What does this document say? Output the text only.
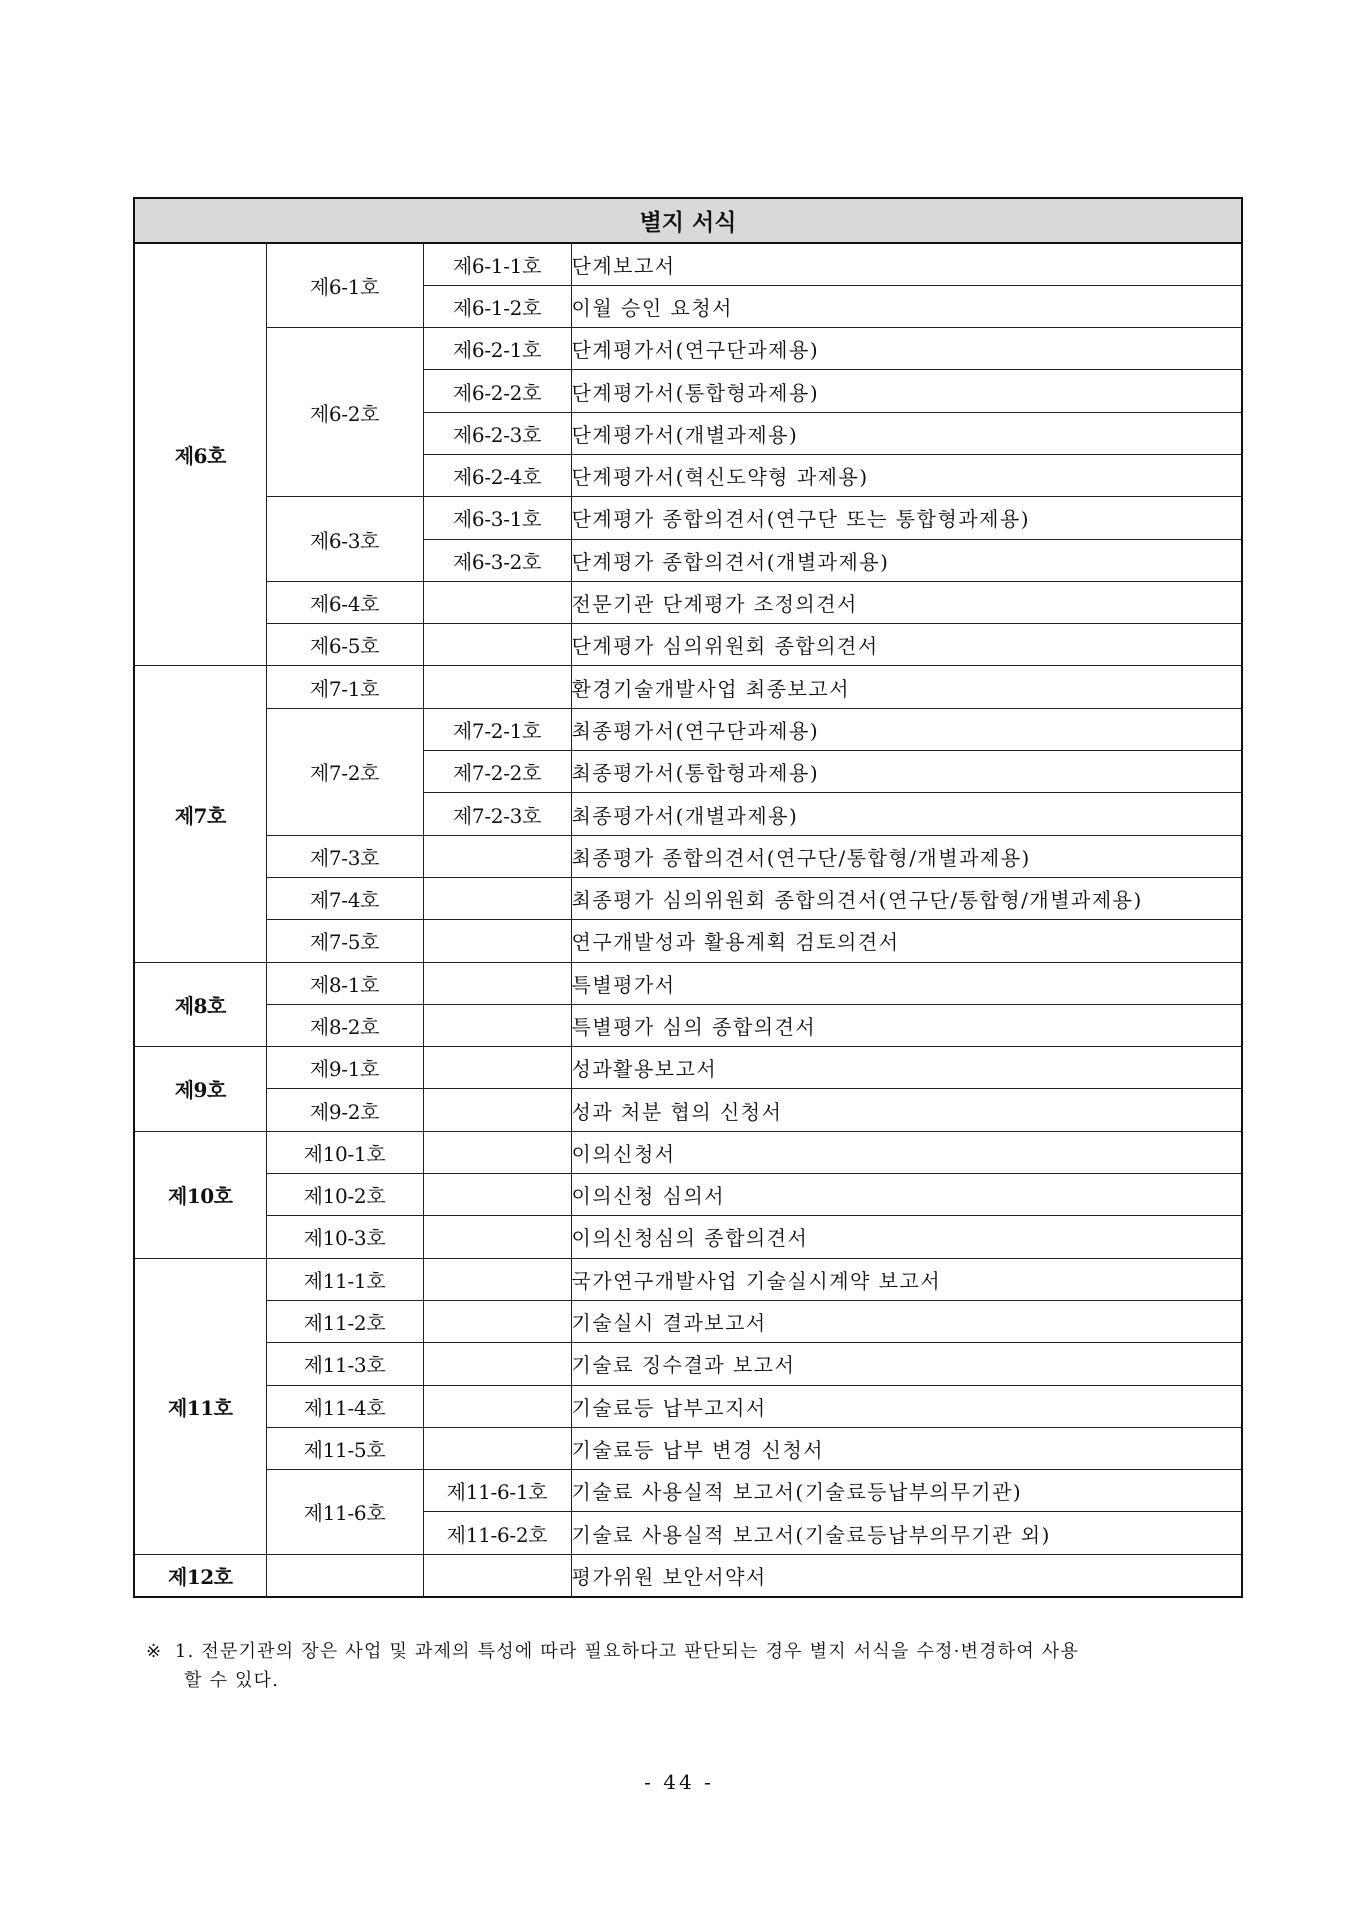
별지 서식			
제6호	제6-1호	제6-1-1호	단계보고서
		제6-1-2호	이월 승인 요청서
	제6-2호	제6-2-1호	단계평가서(연구단과제용)
		제6-2-2호	단계평가서(통합형과제용)
		제6-2-3호	단계평가서(개별과제용)
		제6-2-4호	단계평가서(혁신도약형 과제용)
	제6-3호	제6-3-1호	단계평가 종합의견서(연구단 또는 통합형과제용)
		제6-3-2호	단계평가 종합의견서(개별과제용)
	제6-4호		전문기관 단계평가 조정의견서
	제6-5호		단계평가 심의위원회 종합의견서
제7호	제7-1호		환경기술개발사업 최종보고서
	제7-2호	제7-2-1호	최종평가서(연구단과제용)
		제7-2-2호	최종평가서(통합형과제용)
		제7-2-3호	최종평가서(개별과제용)
	제7-3호		최종평가 종합의견서(연구단/통합형/개별과제용)
	제7-4호		최종평가 심의위원회 종합의견서(연구단/통합형/개별과제용)
	제7-5호		연구개발성과 활용계획 검토의견서
제8호	제8-1호		특별평가서
	제8-2호		특별평가 심의 종합의견서
제9호	제9-1호		성과활용보고서
	제9-2호		성과 처분 협의 신청서
제10호	제10-1호		이의신청서
	제10-2호		이의신청 심의서
	제10-3호		이의신청심의 종합의견서
제11호	제11-1호		국가연구개발사업 기술실시계약 보고서
	제11-2호		기술실시 결과보고서
	제11-3호		기술료 징수결과 보고서
	제11-4호		기술료등 납부고지서
	제11-5호		기술료등 납부 변경 신청서
	제11-6호	제11-6-1호	기술료 사용실적 보고서(기술료등납부의무기관)
		제11-6-2호	기술료 사용실적 보고서(기술료등납부의무기관 외)
제12호			평가위원 보안서약서
※ 1. 전문기관의 장은 사업 및 과제의 특성에 따라 필요하다고 판단되는 경우 별지 서식을 수정·변경하여 사용
할 수 있다.
- 44 -
